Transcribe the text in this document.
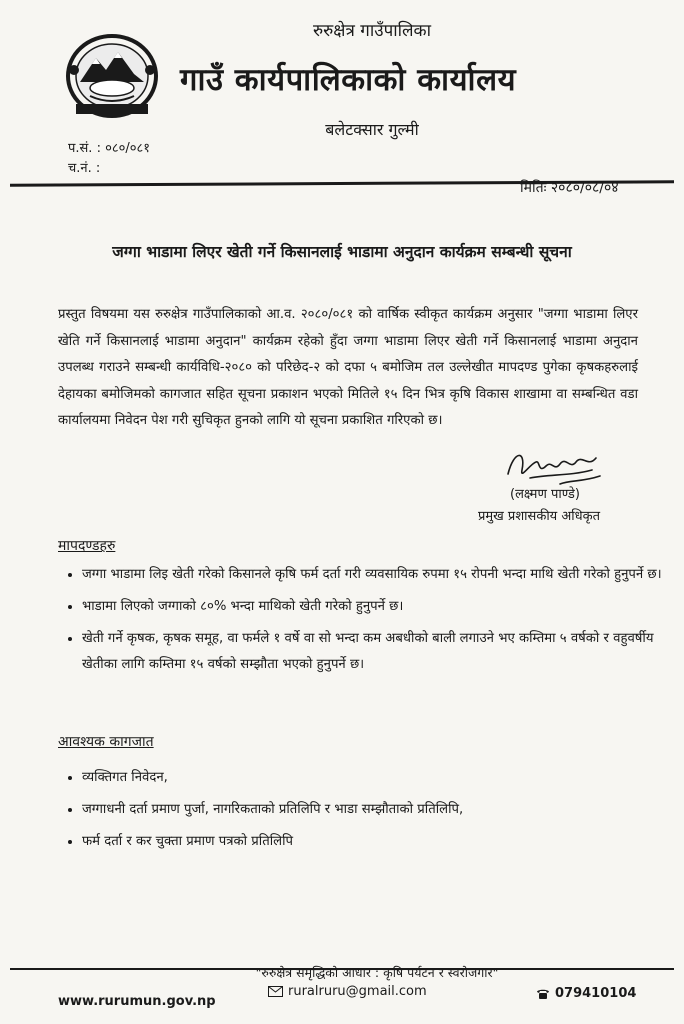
रुरुक्षेत्र गाउँपालिका
गाउँ कार्यपालिकाको कार्यालय
बलेटक्सार गुल्मी
प.सं. : ०८०/०८१
च.नं. :
मितिः २०८०/०८/०४
जग्गा भाडामा लिएर खेती गर्ने किसानलाई भाडामा अनुदान कार्यक्रम सम्बन्धी सूचना
प्रस्तुत विषयमा यस रुरुक्षेत्र गाउँपालिकाको आ.व. २०८०/०८१ को वार्षिक स्वीकृत कार्यक्रम अनुसार "जग्गा भाडामा लिएर खेति गर्ने किसानलाई भाडामा अनुदान" कार्यक्रम रहेको हुँदा जग्गा भाडामा लिएर खेती गर्ने किसानलाई भाडामा अनुदान उपलब्ध गराउने सम्बन्धी कार्यविधि-२०८० को परिछेद-२ को दफा ५ बमोजिम तल उल्लेखीत मापदण्ड पुगेका कृषकहरुलाई देहायका बमोजिमको कागजात सहित सूचना प्रकाशन भएको मितिले १५ दिन भित्र कृषि विकास शाखामा वा सम्बन्धित वडा कार्यालयमा निवेदन पेश गरी सुचिकृत हुनको लागि यो सूचना प्रकाशित गरिएको छ।
(लक्ष्मण पाण्डे)
प्रमुख प्रशासकीय अधिकृत
मापदण्डहरु
• जग्गा भाडामा लिइ खेती गरेको किसानले कृषि फर्म दर्ता गरी व्यवसायिक रुपमा १५ रोपनी भन्दा माथि खेती गरेको हुनुपर्ने छ।
• भाडामा लिएको जग्गाको ८०% भन्दा माथिको खेती गरेको हुनुपर्ने छ।
• खेती गर्ने कृषक, कृषक समूह, वा फर्मले १ वर्षे वा सो भन्दा कम अबधीको बाली लगाउने भए कम्तिमा ५ वर्षको र वहुवर्षीय खेतीका लागि कम्तिमा १५ वर्षको सम्झौता भएको हुनुपर्ने छ।
आवश्यक कागजात
• व्यक्तिगत निवेदन,
• जग्गाधनी दर्ता प्रमाण पुर्जा, नागरिकताको प्रतिलिपि र भाडा सम्झौताको प्रतिलिपि,
• फर्म दर्ता र कर चुक्ता प्रमाण पत्रको प्रतिलिपि
"रुरुक्षेत्र समृद्धिको आधार : कृषि पर्यटन र स्वरोजगार"
www.rurumun.gov.np
ruralruru@gmail.com	079410104
